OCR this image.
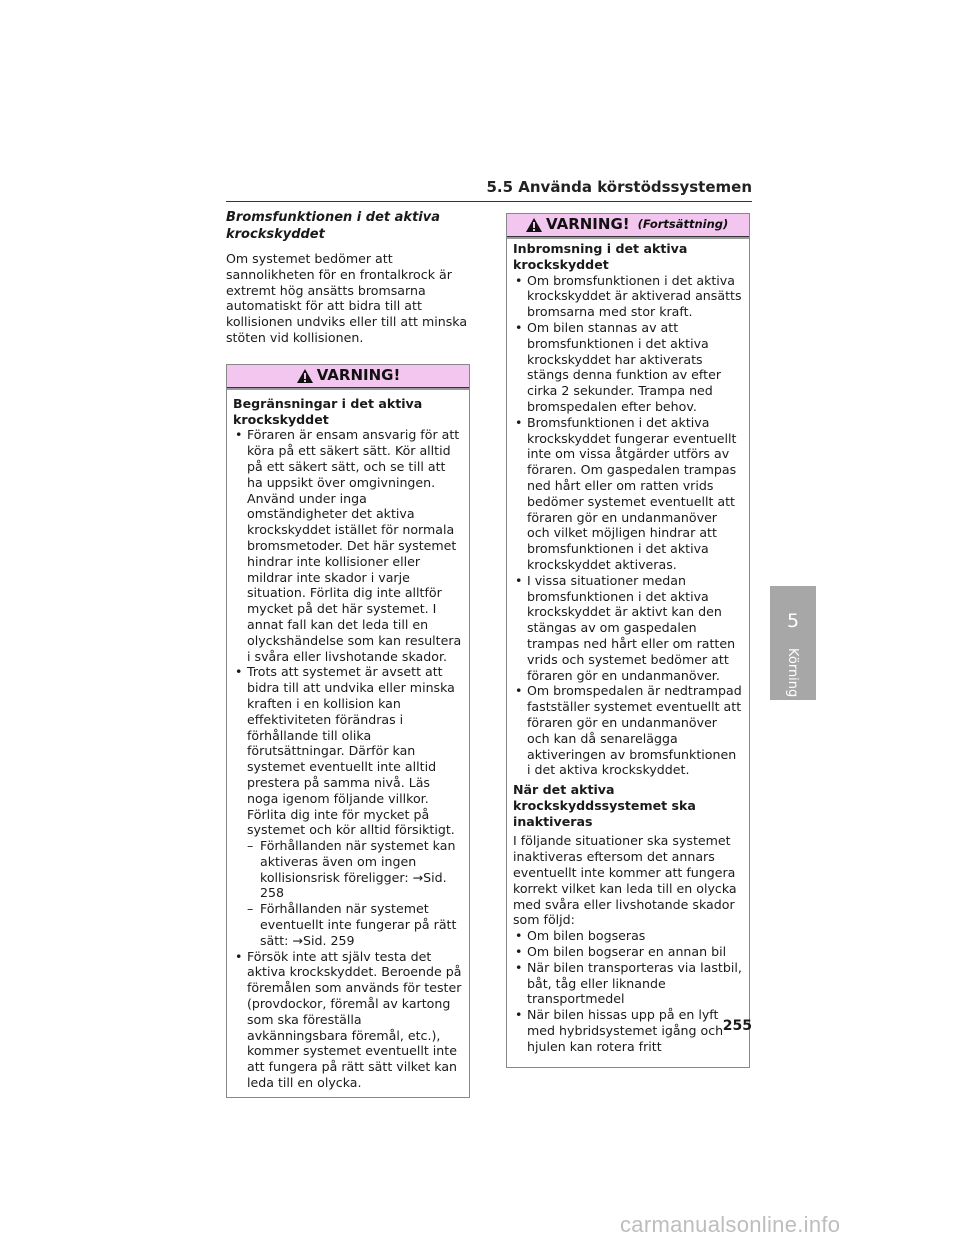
5.5 Använda körstödssystemen

Bromsfunktionen i det aktiva krockskyddet

Om systemet bedömer att sannolikheten för en frontalkrock är extremt hög ansätts bromsarna automatiskt för att bidra till att kollisionen undviks eller till att minska stöten vid kollisionen.

VARNING!

Begränsningar i det aktiva krockskyddet

• Föraren är ensam ansvarig för att köra på ett säkert sätt. Kör alltid på ett säkert sätt, och se till att ha uppsikt över omgivningen. Använd under inga omständigheter det aktiva krockskyddet istället för normala bromsmetoder. Det här systemet hindrar inte kollisioner eller mildrar inte skador i varje situation. Förlita dig inte alltför mycket på det här systemet. I annat fall kan det leda till en olyckshändelse som kan resultera i svåra eller livshotande skador.
• Trots att systemet är avsett att bidra till att undvika eller minska kraften i en kollision kan effektiviteten förändras i förhållande till olika förutsättningar. Därför kan systemet eventuellt inte alltid prestera på samma nivå. Läs noga igenom följande villkor. Förlita dig inte för mycket på systemet och kör alltid försiktigt.
– Förhållanden när systemet kan aktiveras även om ingen kollisionsrisk föreligger: →Sid. 258
– Förhållanden när systemet eventuellt inte fungerar på rätt sätt: →Sid. 259
• Försök inte att själv testa det aktiva krockskyddet. Beroende på föremålen som används för tester (provdockor, föremål av kartong som ska föreställa avkänningsbara föremål, etc.), kommer systemet eventuellt inte att fungera på rätt sätt vilket kan leda till en olycka.
VARNING! (Fortsättning)

Inbromsning i det aktiva krockskyddet

• Om bromsfunktionen i det aktiva krockskyddet är aktiverad ansätts bromsarna med stor kraft.
• Om bilen stannas av att bromsfunktionen i det aktiva krockskyddet har aktiverats stängs denna funktion av efter cirka 2 sekunder. Trampa ned bromspedalen efter behov.
• Bromsfunktionen i det aktiva krockskyddet fungerar eventuellt inte om vissa åtgärder utförs av föraren. Om gaspedalen trampas ned hårt eller om ratten vrids bedömer systemet eventuellt att föraren gör en undanmanöver och vilket möjligen hindrar att bromsfunktionen i det aktiva krockskyddet aktiveras.
• I vissa situationer medan bromsfunktionen i det aktiva krockskyddet är aktivt kan den stängas av om gaspedalen trampas ned hårt eller om ratten vrids och systemet bedömer att föraren gör en undanmanöver.
• Om bromspedalen är nedtrampad fastställer systemet eventuellt att föraren gör en undanmanöver och kan då senarelägga aktiveringen av bromsfunktionen i det aktiva krockskyddet.

När det aktiva krockskyddssystemet ska inaktiveras

I följande situationer ska systemet inaktiveras eftersom det annars eventuellt inte kommer att fungera korrekt vilket kan leda till en olycka med svåra eller livshotande skador som följd:

• Om bilen bogseras
• Om bilen bogserar en annan bil
• När bilen transporteras via lastbil, båt, tåg eller liknande transportmedel
• När bilen hissas upp på en lyft med hybridsystemet igång och hjulen kan rotera fritt
5
Körning
255
carmanualsonline.info
